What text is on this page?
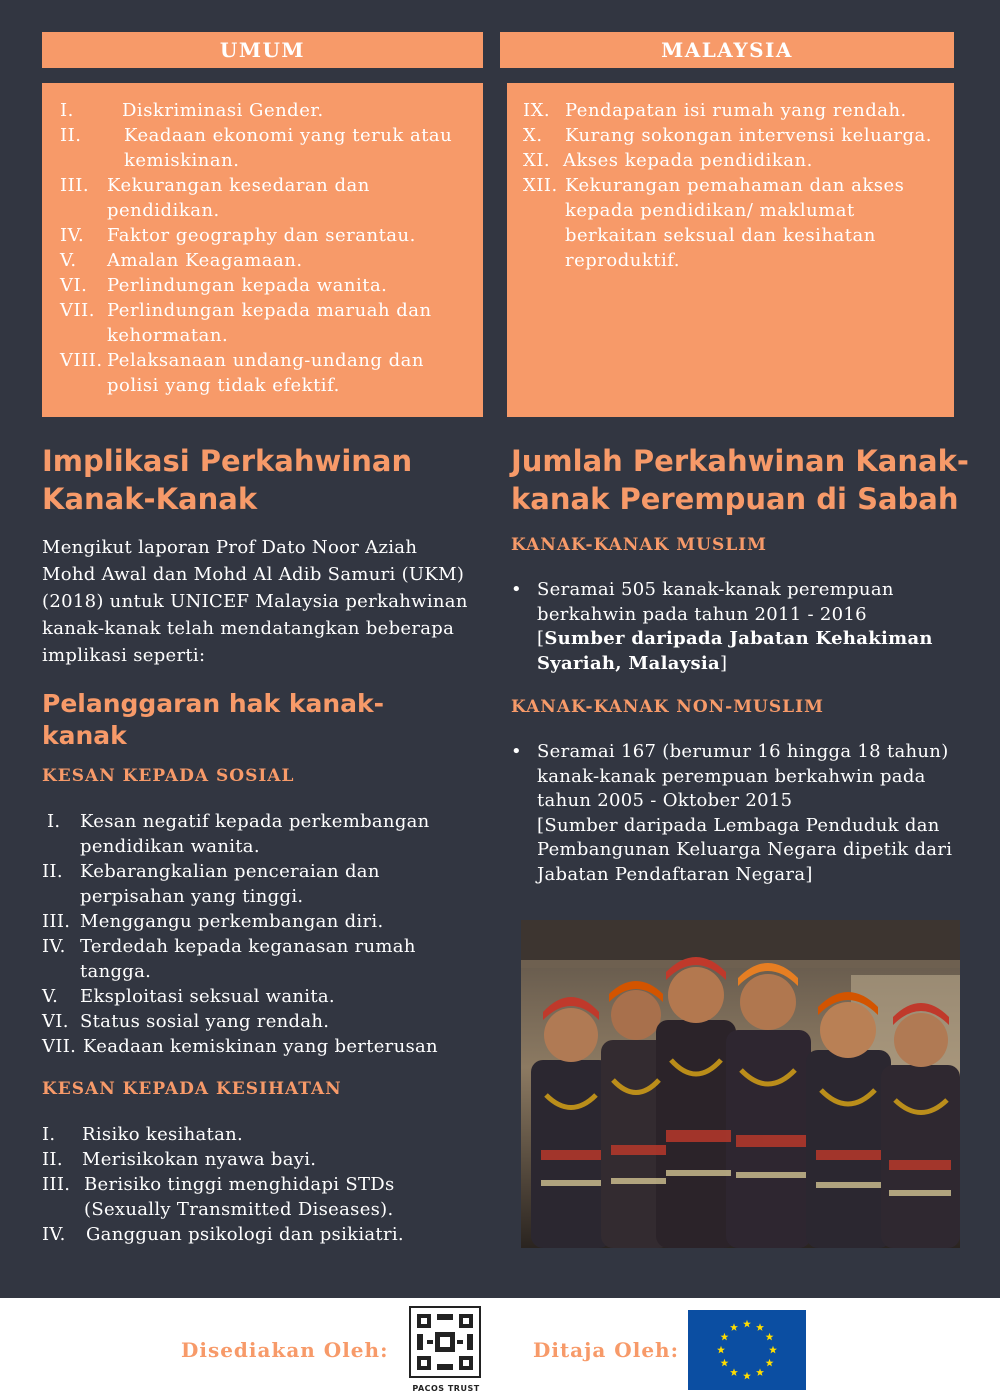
UMUM	MALAYSIA
I.	Diskriminasi Gender.
II.	Keadaan ekonomi yang teruk atau kemiskinan.
III. Kekurangan kesedaran dan pendidikan.
IV.	Faktor geography dan serantau.
V.	Amalan Keagamaan.
VI.	Perlindungan kepada wanita.
VII. Perlindungan kepada maruah dan kehormatan.
VIII. Pelaksanaan undang-undang dan polisi yang tidak efektif.
IX. Pendapatan isi rumah yang rendah.
X.	Kurang sokongan intervensi keluarga.
XI. Akses kepada pendidikan.
XII. Kekurangan pemahaman dan akses kepada pendidikan/ maklumat berkaitan seksual dan kesihatan reproduktif.
Implikasi Perkahwinan Kanak-Kanak
Mengikut laporan Prof Dato Noor Aziah Mohd Awal dan Mohd Al Adib Samuri (UKM) (2018) untuk UNICEF Malaysia perkahwinan kanak-kanak telah mendatangkan beberapa implikasi seperti:
Pelanggaran hak kanak-kanak
KESAN KEPADA SOSIAL
I.	Kesan negatif kepada perkembangan pendidikan wanita.
II. Kebarangkalian penceraian dan perpisahan yang tinggi.
III. Menggangu perkembangan diri.
IV. Terdedah kepada keganasan rumah tangga.
V.	Eksploitasi seksual wanita.
VI. Status sosial yang rendah.
VII. Keadaan kemiskinan yang berterusan
KESAN KEPADA KESIHATAN
I.	Risiko kesihatan.
II.	Merisikokan nyawa bayi.
III. Berisiko tinggi menghidapi STDs (Sexually Transmitted Diseases).
IV.	Gangguan psikologi dan psikiatri.
Jumlah Perkahwinan Kanak-kanak Perempuan di Sabah
KANAK-KANAK MUSLIM
• Seramai 505 kanak-kanak perempuan berkahwin pada tahun 2011 - 2016
[Sumber daripada Jabatan Kehakiman Syariah, Malaysia]
KANAK-KANAK NON-MUSLIM
• Seramai 167 (berumur 16 hingga 18 tahun) kanak-kanak perempuan berkahwin pada tahun 2005 - Oktober 2015
[Sumber daripada Lembaga Penduduk dan Pembangunan Keluarga Negara dipetik dari Jabatan Pendaftaran Negara]
Disediakan Oleh:
PACOS TRUST
Ditaja Oleh:
